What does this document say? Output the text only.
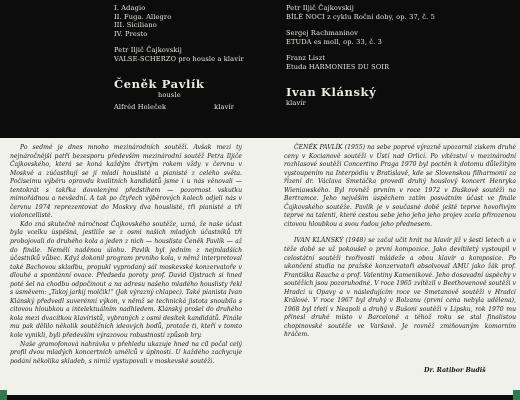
I. Adagio
II. Fuga. Allegro
III. Siciliano
IV. Presto
Petr Iljič Čajkovskij
VALSE-SCHERZO pro housle a klavír
Čeněk Pavlík
housle
Alfréd Holeček	klavír
Petr Iljič Čajkovskij
BÍLÉ NOCI z cyklu Roční doby, op. 37, č. 5
Sergej Rachmaninov
ETUDA es moll, op. 33, č. 3
Franz Liszt
Etuda HARMONIES DU SOIR
Ivan Klánský
klavír

Po sedmé je dnes mnoho mezinárodních soutěží. Avšak mezi ty nejnáročnější patří bezesporu především mezinárodní soutěž Petra Iljiče Čajkovského, která se koná každým čtvrtým rokem vždy v červnu v Moskvě a zúčastňují se jí mladí houslisté a pianisté z celého světa. Počíseimu výběru opravdu kvalitních kandidátů jsme i u nás věnovali — tentokrát s takřka dovolenými předstihem — pozornost vskutku mimořádnou a nevšední. A tak po čtyřech výběrových kolech odjeli nás v červnu 1974 reprezentovat do Moskvy dva houslisté, tři pianisté a tři violoncellisté.

Kdo zná skutečně náročnost Čajkovského soutěže, uzná, že naše účast byla vcelku úspěšná, jestliže se z osmi našich mladých účastníků tři probojovali do druhého kola a jeden z nich — houslista Čeněk Pavlík — až do finále. Nemělí naděnou úlohu. Pavlík byl jedním z nejmladších účastníků vůbec. Když dokonil program prvního kola, v němž interpretoval také Bachovou skladbu, propukl vyprodaný sál moskevské konzervatoře v dlouhé a spontánní ovace. Předseda poroty prof. David Ojstrach si hned poté šel na chodbu odpočinout a na adresu našeho mladého houslisty řekl s úsměvem: „Takoj jarkij molčik!“ (Jak výrazný chlapec). Také pianista Ivan Klánský předvedl suverénní výkon, v němž se technická jistota snoubila s citovou hloubkou a intelektuálním nadhledem. Klánský prošel do druhého kola mezi dvacítkou klavíristů, vybraných z osmi desítek kandidátů. Finále mu pak dělilo několik soutěžních ideových bodů, protože ti, kteří v tomto kole vynikli, byli především výrazovou robustností způsob hry.

Naše gramofonová nahrávka v přehledu ukazuje hned na cíl počal celý profil dvou mladých koncertních umělců v úplnosti. U každého zachycuje podání několika skladeb, s nimiž vystupovali v moskevské soutěži.

ČENĚK PAVLÍK (1955) na sebe poprvé výrazně upozornil ziskem druhé ceny v Kocianově soutěži v Ústí nad Orlicí. Po vítězství v mezinárodní rozhlasové soutěži Concertino Praga 1970 byl poctěn k dotomu důležitým vystoupením na Interpódiu v Bratislavě, kde se Slovenskou filharmonií za řízení dr. Václava Smetáčka provedl druhý houslový koncert Henryka Wieniawského. Byl rovněž prvním v roce 1972 v Duškově soutěži na Bertramce. Jeho nejvěším úspěchem zatím posvátním účast ve finále Čajkovského soutěže. Pavlík je v současné době ještě teprve hovořivým teprve na talenti, které cestou sebe jeho jeho jeho projev zcela přirozenou citovou hloubkou a svou řadou jeho přednesem.

IVAN KLÁNSKÝ (1948) se začal učit hrát na klavír již v šesti letech a v téže době se už pokoušel o první kompozice. Jako devítiletý vystoupil v celostátní soutěži tvořivosti mládeže a obou klavír a komposice. Po ukončení studia na pražské konzervatoři absolvoval AMU jako žák prof. Františka Raucha a prof. Valentiny Kamenikové. Jeho dosavadní úspěchy v soutěžích jsou pozoruhodné. V roce 1965 zvítězil v Beethovenově soutěži v Hradci u Opavy a v následujícím roce ve Smetanově soutěži v Hradci Králové. V roce 1967 byl druhý v Bolzanu (první cena nebyla udělena), 1968 byl třetí v Neapoli a druhý v Bušoni soutěži v Lipsku, rok 1970 mu přinesl druhé místo v Barceloně a téhož roku se stal finalistou chopinovské soutěže ve Varšavě. Je rovněž zmiňovaným komorním hráčem.

Dr. Ratibor Budiš
